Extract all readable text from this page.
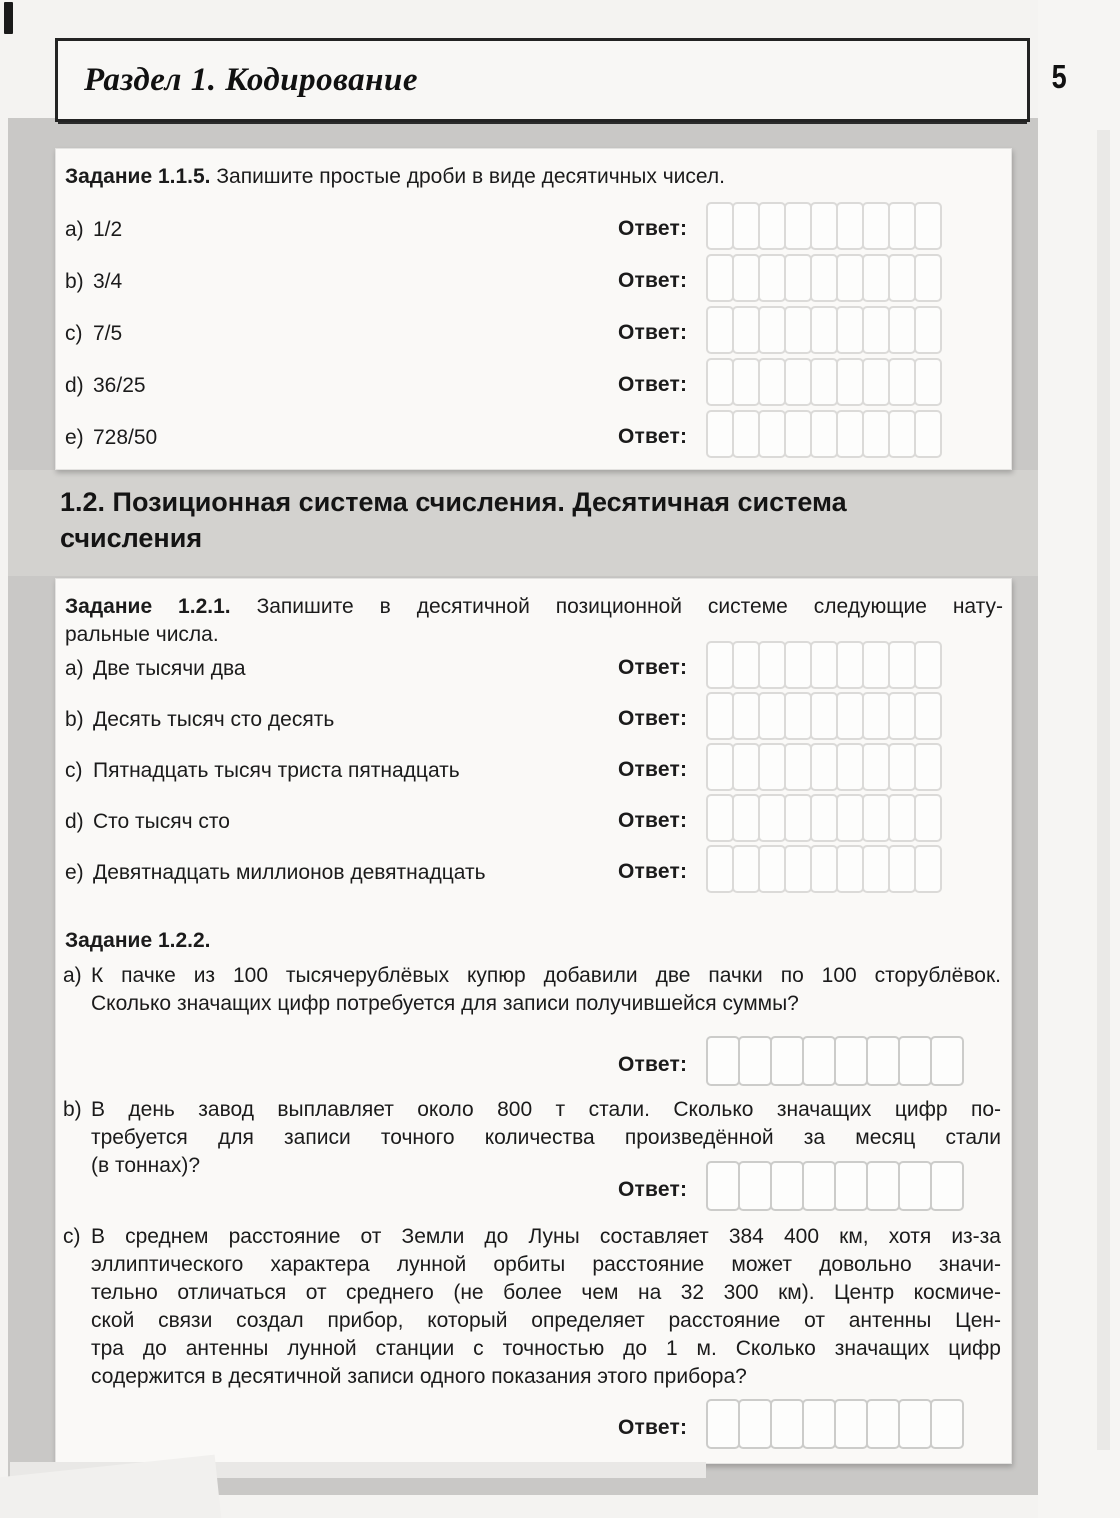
Раздел 1. Кодирование	5
Задание 1.1.5. Запишите простые дроби в виде десятичных чисел.
a) 1/2	Ответ:
b) 3/4	Ответ:
c) 7/5	Ответ:
d) 36/25	Ответ:
e) 728/50	Ответ:
1.2. Позиционная система счисления. Десятичная система
счисления
Задание 1.2.1. Запишите в десятичной позиционной системе следующие нату-
ральные числа.
a) Две тысячи два	Ответ:
b) Десять тысяч сто десять	Ответ:
c) Пятнадцать тысяч триста пятнадцать	Ответ:
d) Сто тысяч сто	Ответ:
e) Девятнадцать миллионов девятнадцать	Ответ:
Задание 1.2.2.
a) К пачке из 100 тысячерублёвых купюр добавили две пачки по 100 сторублёвок.
Сколько значащих цифр потребуется для записи получившейся суммы?
Ответ:
b) В день завод выплавляет около 800 т стали. Сколько значащих цифр по-
требуется для записи точного количества произведённой за месяц стали
(в тоннах)?
Ответ:
c) В среднем расстояние от Земли до Луны составляет 384 400 км, хотя из-за
эллиптического характера лунной орбиты расстояние может довольно значи-
тельно отличаться от среднего (не более чем на 32 300 км). Центр космиче-
ской связи создал прибор, который определяет расстояние от антенны Цен-
тра до антенны лунной станции с точностью до 1 м. Сколько значащих цифр
содержится в десятичной записи одного показания этого прибора?
Ответ:
